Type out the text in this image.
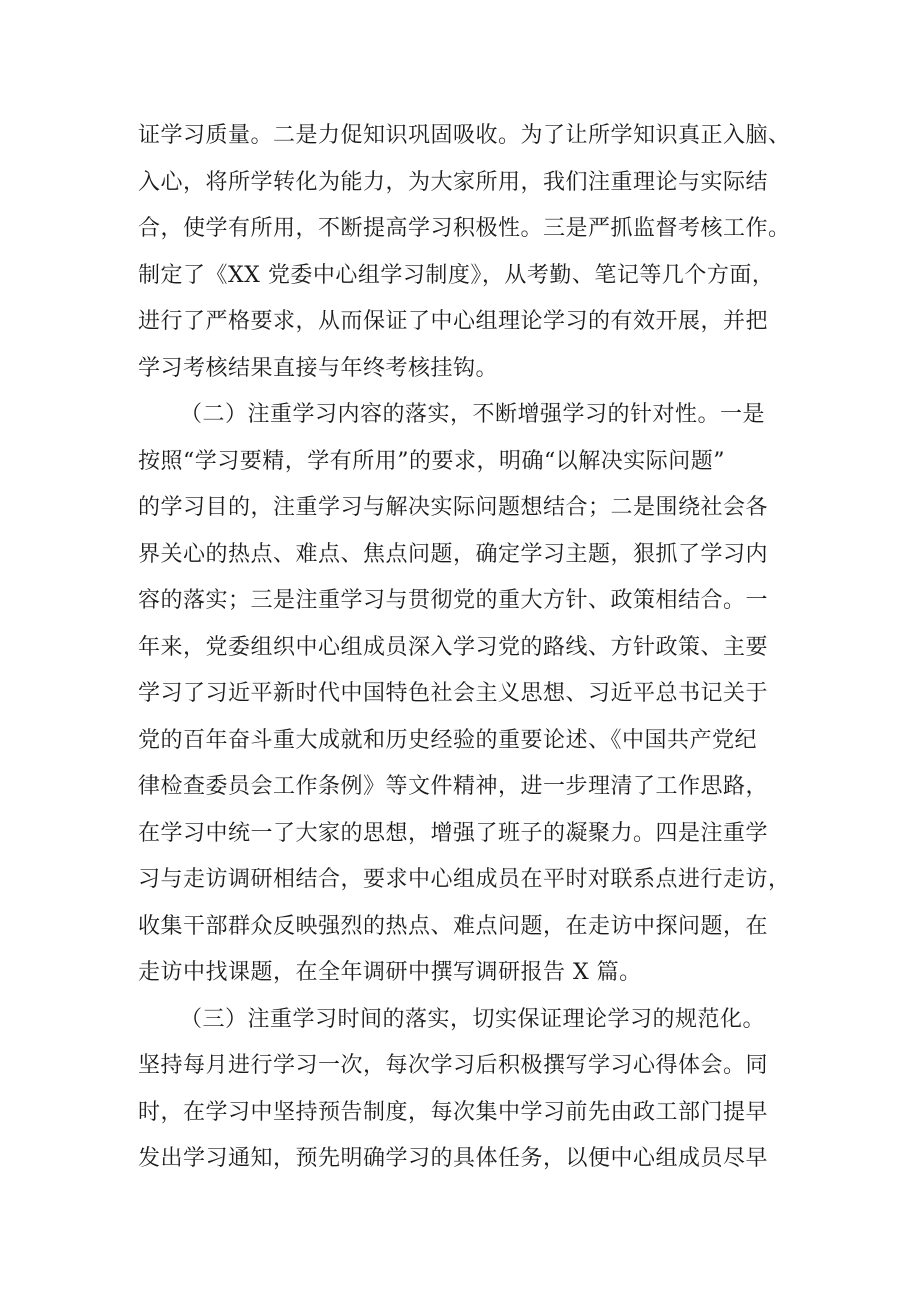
证学习质量。二是力促知识巩固吸收。为了让所学知识真正入脑、
入心，将所学转化为能力，为大家所用，我们注重理论与实际结
合，使学有所用，不断提高学习积极性。三是严抓监督考核工作。
制定了《XX 党委中心组学习制度》，从考勤、笔记等几个方面，
进行了严格要求，从而保证了中心组理论学习的有效开展，并把
学习考核结果直接与年终考核挂钩。
（二）注重学习内容的落实，不断增强学习的针对性。一是
按照“学习要精，学有所用”的要求，明确“以解决实际问题”
的学习目的，注重学习与解决实际问题想结合；二是围绕社会各
界关心的热点、难点、焦点问题，确定学习主题，狠抓了学习内
容的落实；三是注重学习与贯彻党的重大方针、政策相结合。一
年来，党委组织中心组成员深入学习党的路线、方针政策、主要
学习了习近平新时代中国特色社会主义思想、习近平总书记关于
党的百年奋斗重大成就和历史经验的重要论述、《中国共产党纪
律检查委员会工作条例》等文件精神，进一步理清了工作思路，
在学习中统一了大家的思想，增强了班子的凝聚力。四是注重学
习与走访调研相结合，要求中心组成员在平时对联系点进行走访，
收集干部群众反映强烈的热点、难点问题，在走访中探问题，在
走访中找课题，在全年调研中撰写调研报告 X 篇。
（三）注重学习时间的落实，切实保证理论学习的规范化。
坚持每月进行学习一次，每次学习后积极撰写学习心得体会。同
时，在学习中坚持预告制度，每次集中学习前先由政工部门提早
发出学习通知，预先明确学习的具体任务，以便中心组成员尽早
